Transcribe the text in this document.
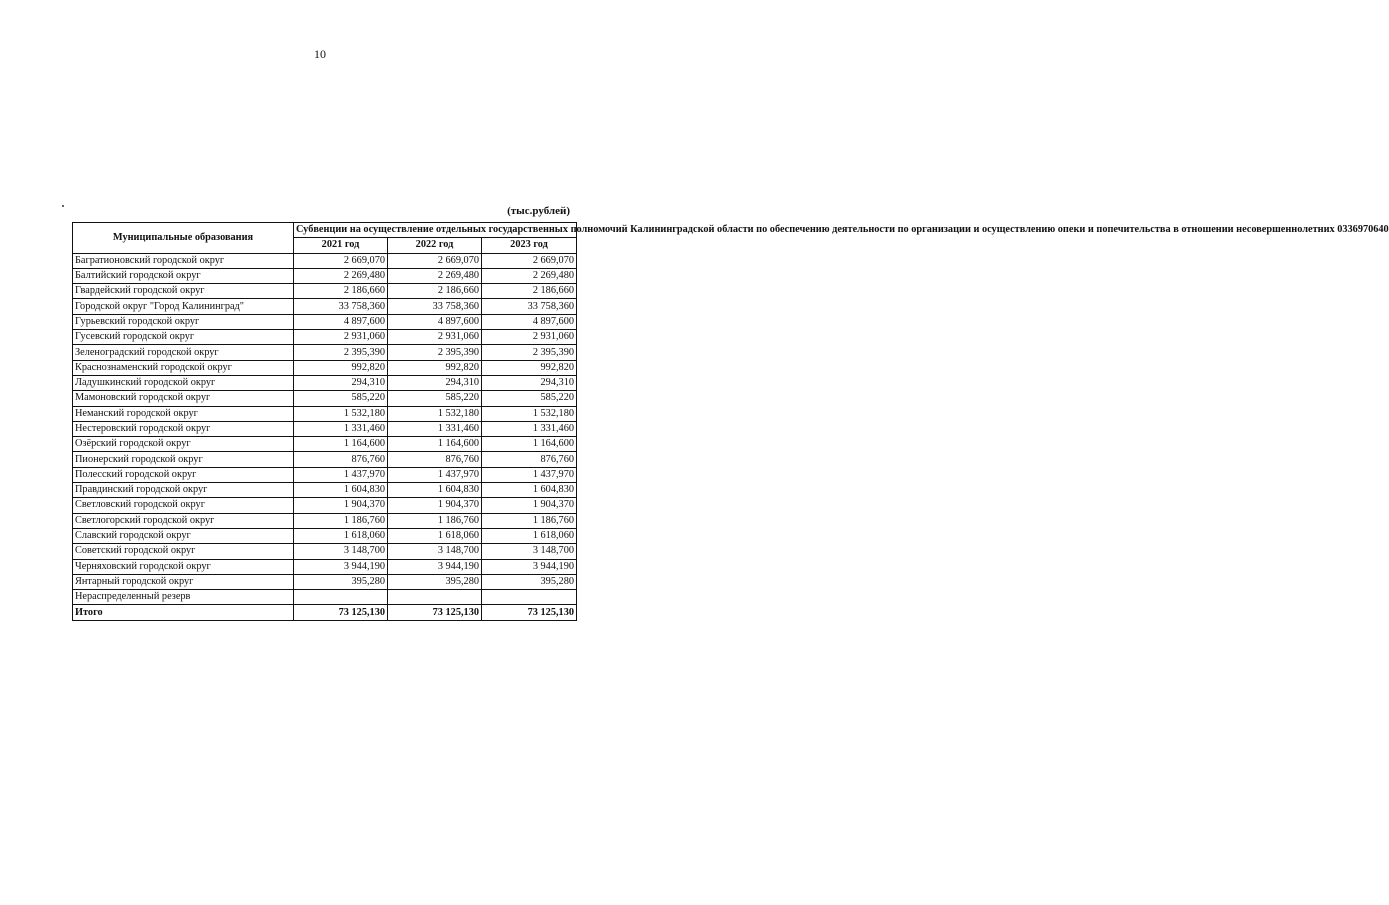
10
(тыс.рублей)
Муниципальные образования	Субвенции на осуществление отдельных государственных полномочий Калининградской области по обеспечению деятельности по организации и осуществлению опеки и попечительства в отношении несовершеннолетних 0336970640		
	2021 год	2022 год	2023 год
Багратионовский городской округ	2 669,070	2 669,070	2 669,070
Балтийский городской округ	2 269,480	2 269,480	2 269,480
Гвардейский городской округ	2 186,660	2 186,660	2 186,660
Городской округ "Город Калининград"	33 758,360	33 758,360	33 758,360
Гурьевский городской округ	4 897,600	4 897,600	4 897,600
Гусевский городской округ	2 931,060	2 931,060	2 931,060
Зеленоградский городской округ	2 395,390	2 395,390	2 395,390
Краснознаменский городской округ	992,820	992,820	992,820
Ладушкинский городской округ	294,310	294,310	294,310
Мамоновский городской округ	585,220	585,220	585,220
Неманский городской округ	1 532,180	1 532,180	1 532,180
Нестеровский городской округ	1 331,460	1 331,460	1 331,460
Озёрский городской округ	1 164,600	1 164,600	1 164,600
Пионерский городской округ	876,760	876,760	876,760
Полесский городской округ	1 437,970	1 437,970	1 437,970
Правдинский городской округ	1 604,830	1 604,830	1 604,830
Светловский городской округ	1 904,370	1 904,370	1 904,370
Светлогорский городской округ	1 186,760	1 186,760	1 186,760
Славский городской округ	1 618,060	1 618,060	1 618,060
Советский городской округ	3 148,700	3 148,700	3 148,700
Черняховский городской округ	3 944,190	3 944,190	3 944,190
Янтарный городской округ	395,280	395,280	395,280
Нераспределенный резерв			
Итого	73 125,130	73 125,130	73 125,130
